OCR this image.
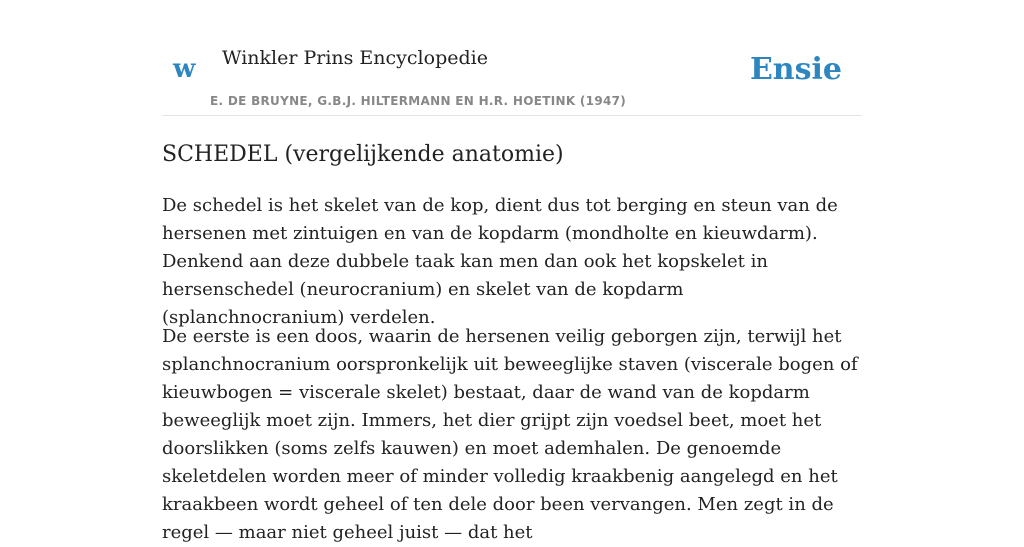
w Winkler Prins Encyclopedie
E. DE BRUYNE, G.B.J. HILTERMANN EN H.R. HOETINK (1947)
Ensie
SCHEDEL (vergelijkende anatomie)

De schedel is het skelet van de kop, dient dus tot berging en steun van de hersenen met zintuigen en van de kopdarm (mondholte en kieuwdarm). Denkend aan deze dubbele taak kan men dan ook het kopskelet in hersenschedel (neurocranium) en skelet van de kopdarm (splanchnocranium) verdelen.

De eerste is een doos, waarin de hersenen veilig geborgen zijn, terwijl het splanchnocranium oorspronkelijk uit beweeglijke staven (viscerale bogen of kieuwbogen = viscerale skelet) bestaat, daar de wand van de kopdarm beweeglijk moet zijn. Immers, het dier grijpt zijn voedsel beet, moet het doorslikken (soms zelfs kauwen) en moet ademhalen. De genoemde skeletdelen worden meer of minder volledig kraakbenig aangelegd en het kraakbeen wordt geheel of ten dele door been vervangen. Men zegt in de regel — maar niet geheel juist — dat het
